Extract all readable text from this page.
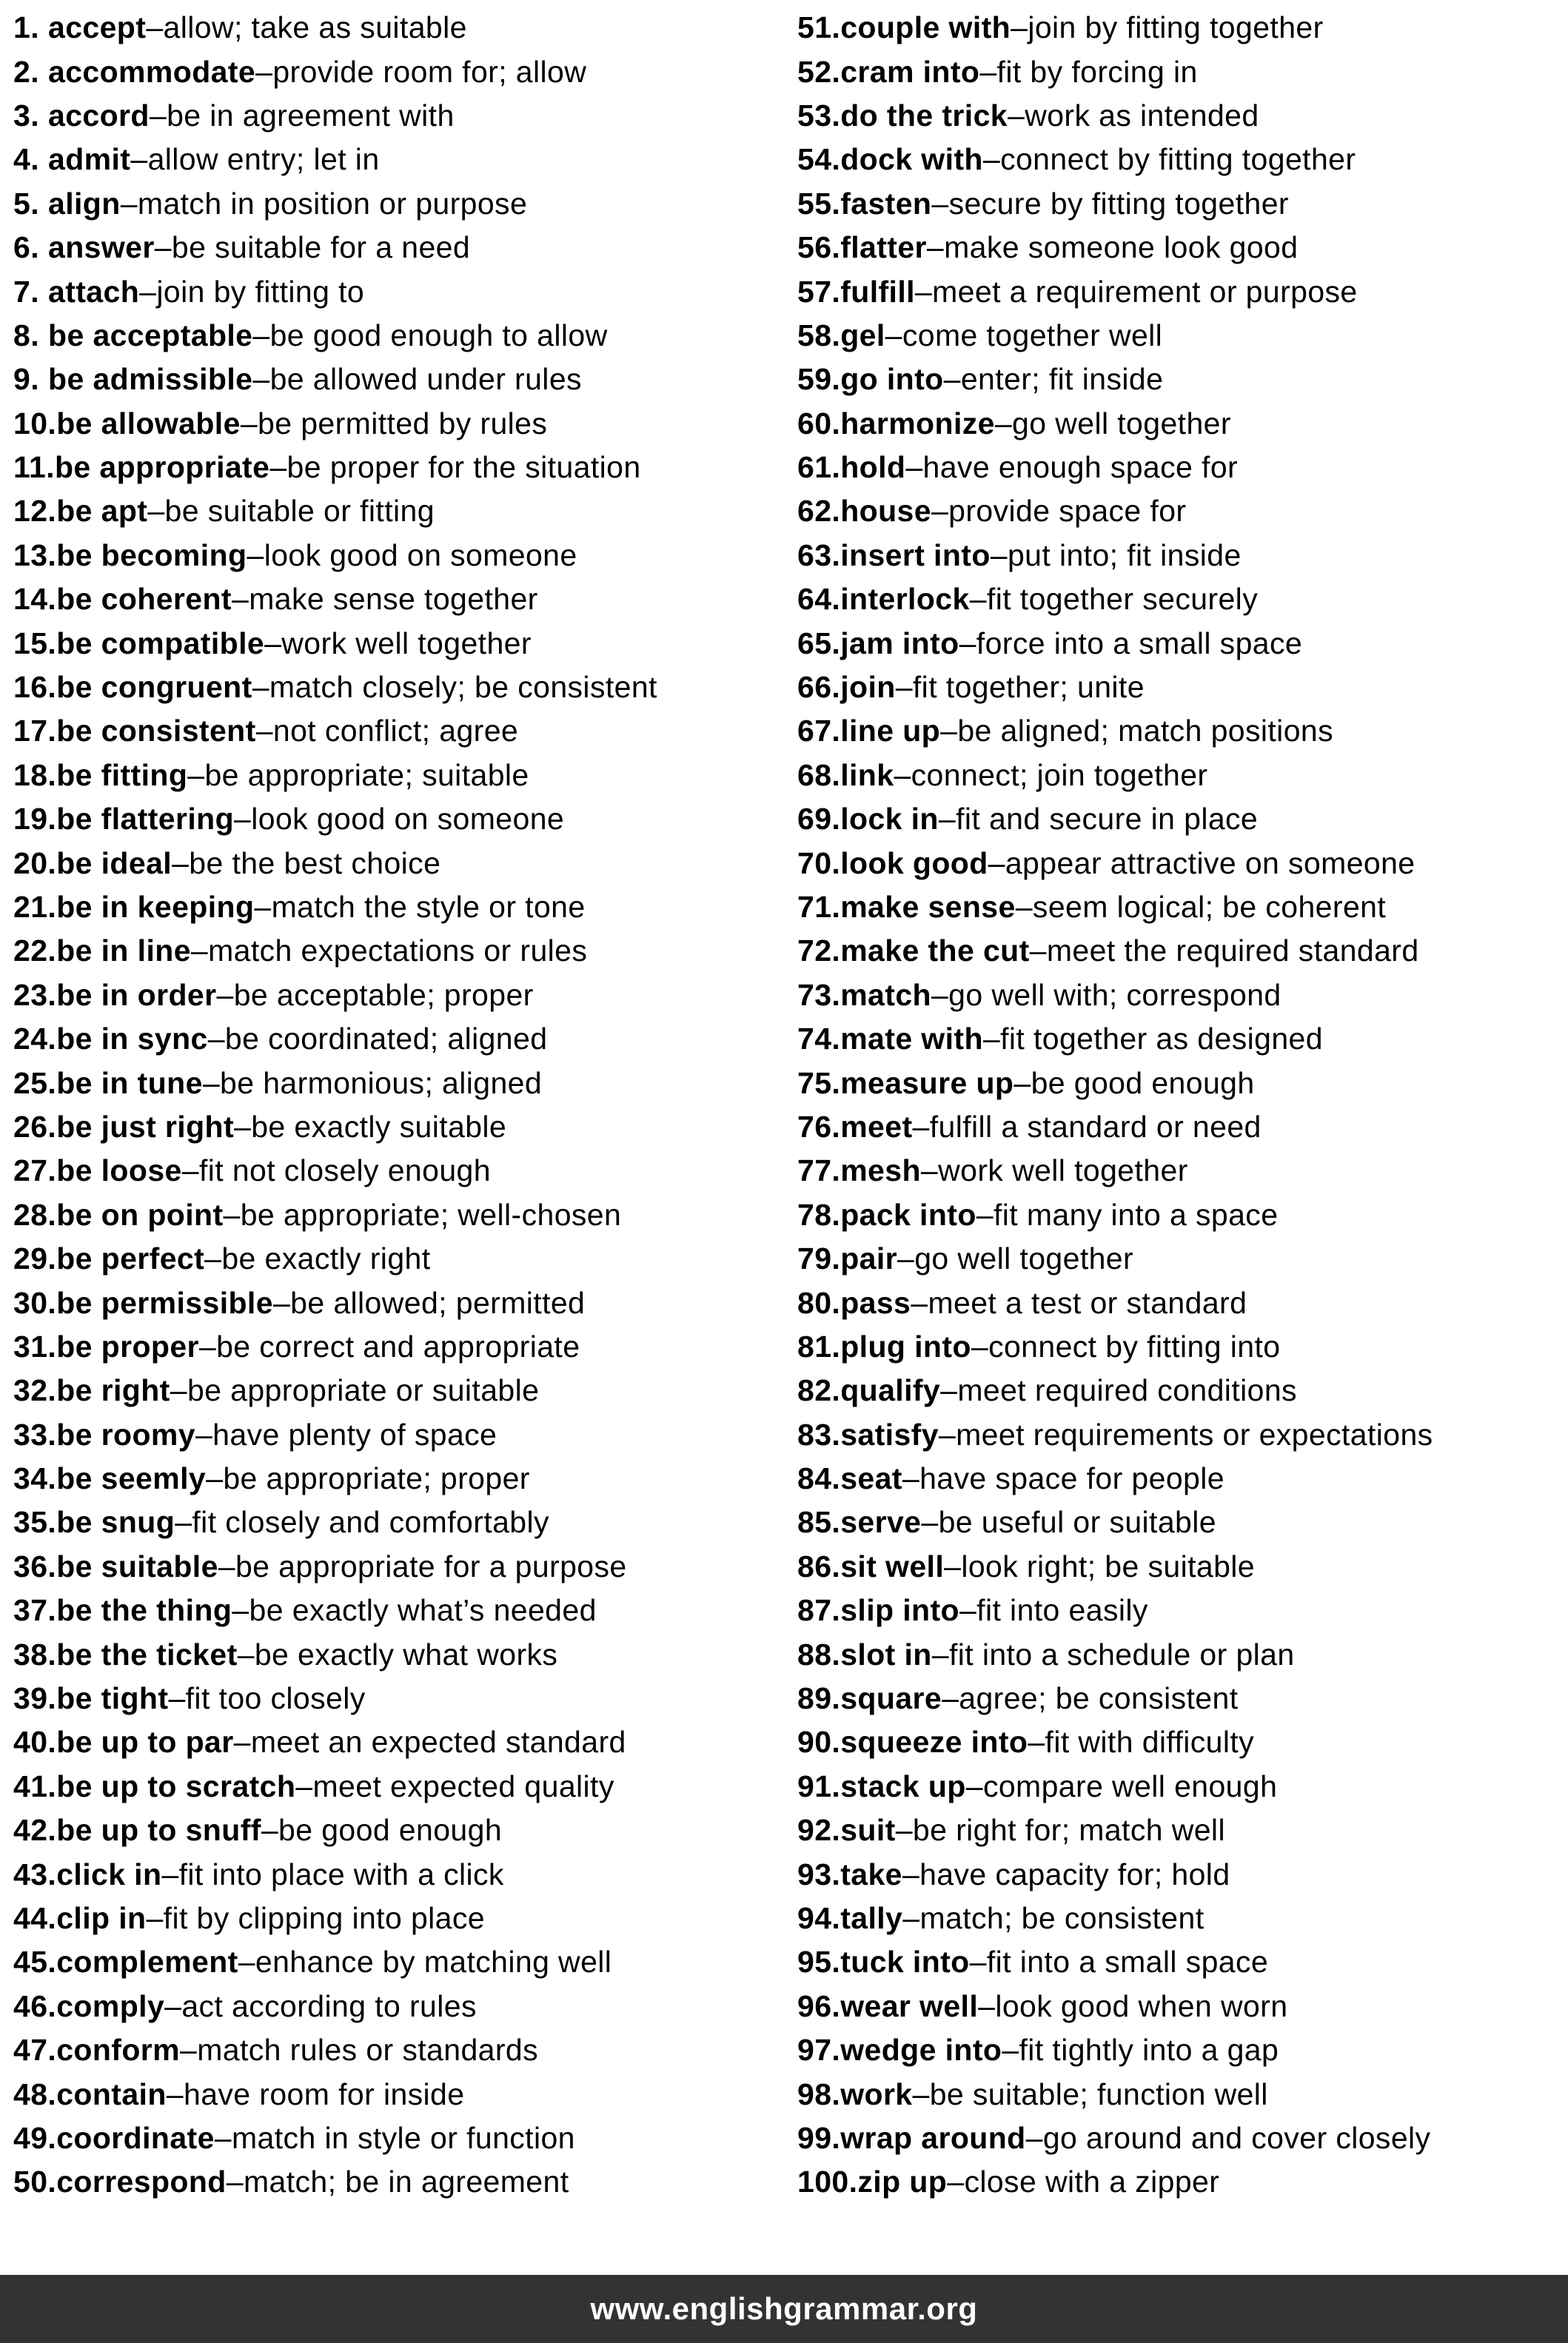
1. accept – allow; take as suitable
2. accommodate – provide room for; allow
3. accord – be in agreement with
4. admit – allow entry; let in
5. align – match in position or purpose
6. answer – be suitable for a need
7. attach – join by fitting to
8. be acceptable – be good enough to allow
9. be admissible – be allowed under rules
10. be allowable – be permitted by rules
11. be appropriate – be proper for the situation
12. be apt – be suitable or fitting
13. be becoming – look good on someone
14. be coherent – make sense together
15. be compatible – work well together
16. be congruent – match closely; be consistent
17. be consistent – not conflict; agree
18. be fitting – be appropriate; suitable
19. be flattering – look good on someone
20. be ideal – be the best choice
21. be in keeping – match the style or tone
22. be in line – match expectations or rules
23. be in order – be acceptable; proper
24. be in sync – be coordinated; aligned
25. be in tune – be harmonious; aligned
26. be just right – be exactly suitable
27. be loose – fit not closely enough
28. be on point – be appropriate; well-chosen
29. be perfect – be exactly right
30. be permissible – be allowed; permitted
31. be proper – be correct and appropriate
32. be right – be appropriate or suitable
33. be roomy – have plenty of space
34. be seemly – be appropriate; proper
35. be snug – fit closely and comfortably
36. be suitable – be appropriate for a purpose
37. be the thing – be exactly what’s needed
38. be the ticket – be exactly what works
39. be tight – fit too closely
40. be up to par – meet an expected standard
41. be up to scratch – meet expected quality
42. be up to snuff – be good enough
43. click in – fit into place with a click
44. clip in – fit by clipping into place
45. complement – enhance by matching well
46. comply – act according to rules
47. conform – match rules or standards
48. contain – have room for inside
49. coordinate – match in style or function
50. correspond – match; be in agreement
51. couple with – join by fitting together
52. cram into – fit by forcing in
53. do the trick – work as intended
54. dock with – connect by fitting together
55. fasten – secure by fitting together
56. flatter – make someone look good
57. fulfill – meet a requirement or purpose
58. gel – come together well
59. go into – enter; fit inside
60. harmonize – go well together
61. hold – have enough space for
62. house – provide space for
63. insert into – put into; fit inside
64. interlock – fit together securely
65. jam into – force into a small space
66. join – fit together; unite
67. line up – be aligned; match positions
68. link – connect; join together
69. lock in – fit and secure in place
70. look good – appear attractive on someone
71. make sense – seem logical; be coherent
72. make the cut – meet the required standard
73. match – go well with; correspond
74. mate with – fit together as designed
75. measure up – be good enough
76. meet – fulfill a standard or need
77. mesh – work well together
78. pack into – fit many into a space
79. pair – go well together
80. pass – meet a test or standard
81. plug into – connect by fitting into
82. qualify – meet required conditions
83. satisfy – meet requirements or expectations
84. seat – have space for people
85. serve – be useful or suitable
86. sit well – look right; be suitable
87. slip into – fit into easily
88. slot in – fit into a schedule or plan
89. square – agree; be consistent
90. squeeze into – fit with difficulty
91. stack up – compare well enough
92. suit – be right for; match well
93. take – have capacity for; hold
94. tally – match; be consistent
95. tuck into – fit into a small space
96. wear well – look good when worn
97. wedge into – fit tightly into a gap
98. work – be suitable; function well
99. wrap around – go around and cover closely
100. zip up – close with a zipper
www.englishgrammar.org
